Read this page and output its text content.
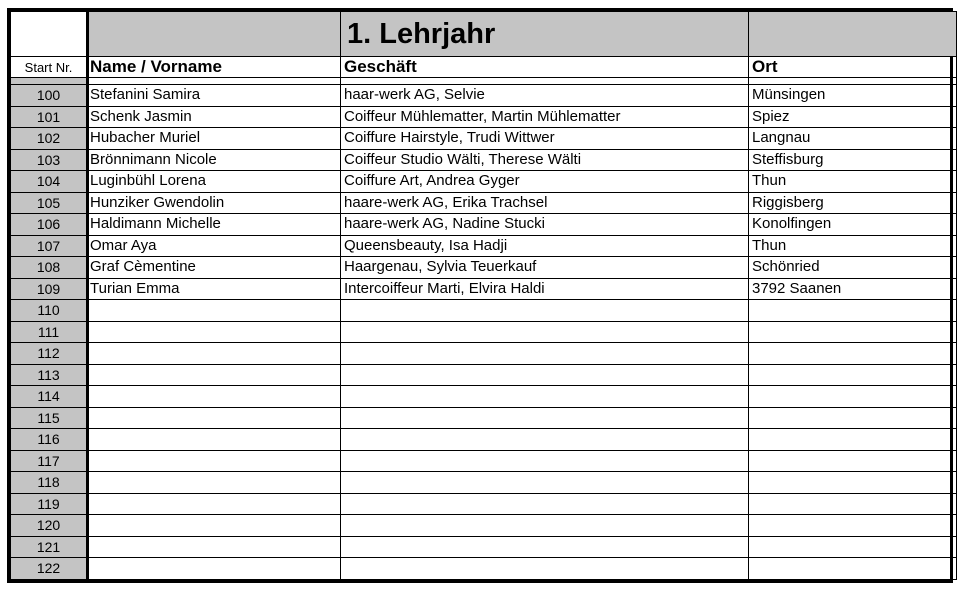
		1. Lehrjahr	
Start Nr.	Name / Vorname	Geschäft	Ort

100	Stefanini Samira	haar-werk AG, Selvie	Münsingen
101	Schenk Jasmin	Coiffeur Mühlematter, Martin Mühlematter	Spiez
102	Hubacher Muriel	Coiffure Hairstyle, Trudi Wittwer	Langnau
103	Brönnimann Nicole	Coiffeur Studio Wälti, Therese Wälti	Steffisburg
104	Luginbühl Lorena	Coiffure Art, Andrea Gyger	Thun
105	Hunziker Gwendolin	haare-werk AG, Erika Trachsel	Riggisberg
106	Haldimann Michelle	haare-werk AG, Nadine Stucki	Konolfingen
107	Omar Aya	Queensbeauty, Isa Hadji	Thun
108	Graf Cèmentine	Haargenau, Sylvia Teuerkauf	Schönried
109	Turian Emma	Intercoiffeur Marti, Elvira Haldi	3792 Saanen
110			
111			
112			
113			
114			
115			
116			
117			
118			
119			
120			
121			
122			
